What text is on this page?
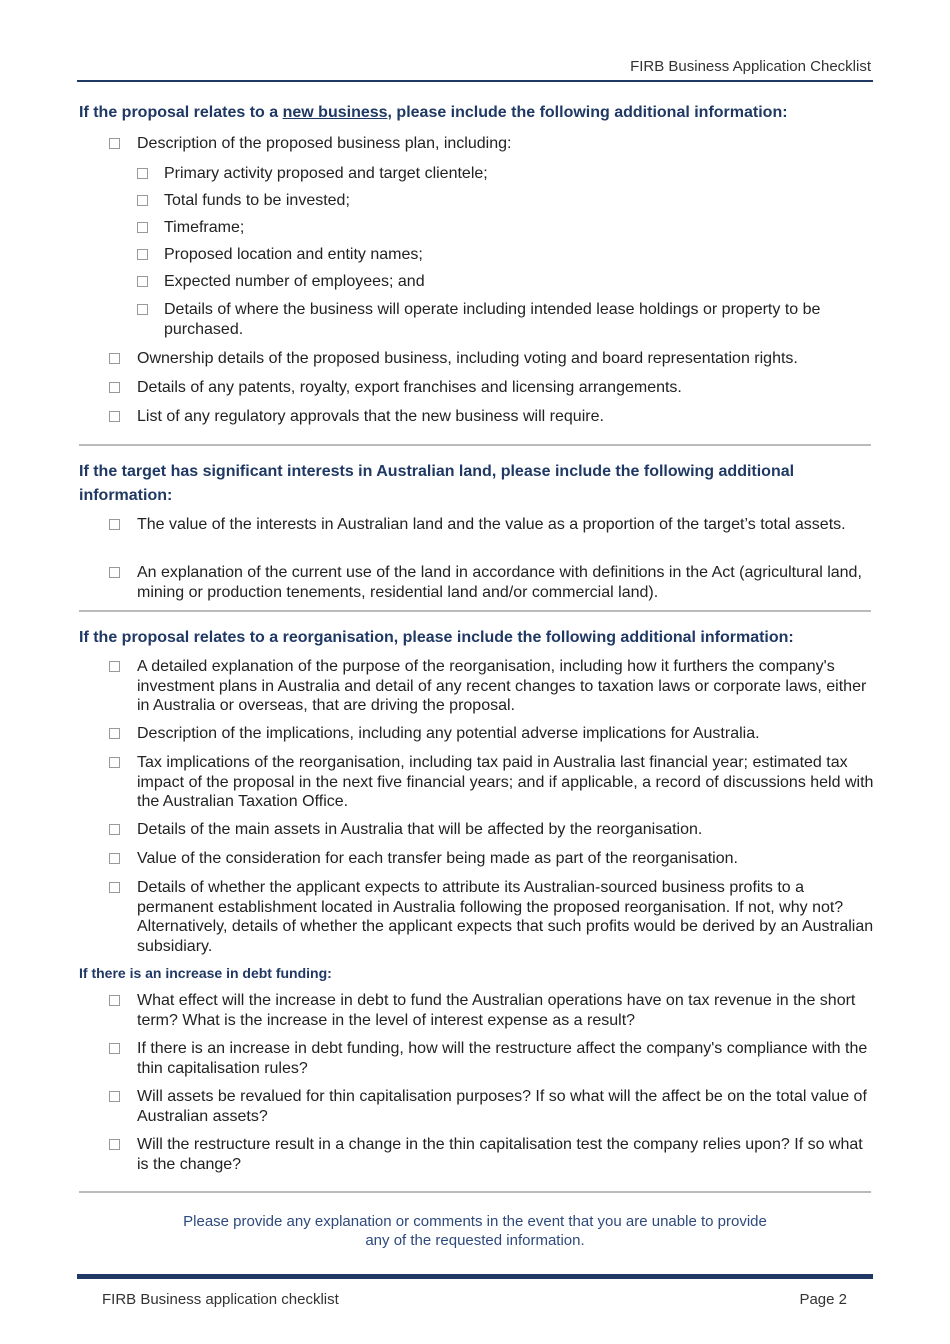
FIRB Business Application Checklist
If the proposal relates to a new business, please include the following additional information:
Description of the proposed business plan, including:
Primary activity proposed and target clientele;
Total funds to be invested;
Timeframe;
Proposed location and entity names;
Expected number of employees; and
Details of where the business will operate including intended lease holdings or property to be purchased.
Ownership details of the proposed business, including voting and board representation rights.
Details of any patents, royalty, export franchises and licensing arrangements.
List of any regulatory approvals that the new business will require.
If the target has significant interests in Australian land, please include the following additional information:
The value of the interests in Australian land and the value as a proportion of the target’s total assets.
An explanation of the current use of the land in accordance with definitions in the Act (agricultural land, mining or production tenements, residential land and/or commercial land).
If the proposal relates to a reorganisation, please include the following additional information:
A detailed explanation of the purpose of the reorganisation, including how it furthers the company's investment plans in Australia and detail of any recent changes to taxation laws or corporate laws, either in Australia or overseas, that are driving the proposal.
Description of the implications, including any potential adverse implications for Australia.
Tax implications of the reorganisation, including tax paid in Australia last financial year; estimated tax impact of the proposal in the next five financial years; and if applicable, a record of discussions held with the Australian Taxation Office.
Details of the main assets in Australia that will be affected by the reorganisation.
Value of the consideration for each transfer being made as part of the reorganisation.
Details of whether the applicant expects to attribute its Australian-sourced business profits to a permanent establishment located in Australia following the proposed reorganisation. If not, why not? Alternatively, details of whether the applicant expects that such profits would be derived by an Australian subsidiary.
If there is an increase in debt funding:
What effect will the increase in debt to fund the Australian operations have on tax revenue in the short term? What is the increase in the level of interest expense as a result?
If there is an increase in debt funding, how will the restructure affect the company's compliance with the thin capitalisation rules?
Will assets be revalued for thin capitalisation purposes? If so what will the affect be on the total value of Australian assets?
Will the restructure result in a change in the thin capitalisation test the company relies upon? If so what is the change?
Please provide any explanation or comments in the event that you are unable to provide
any of the requested information.
FIRB Business application checklist	Page 2
